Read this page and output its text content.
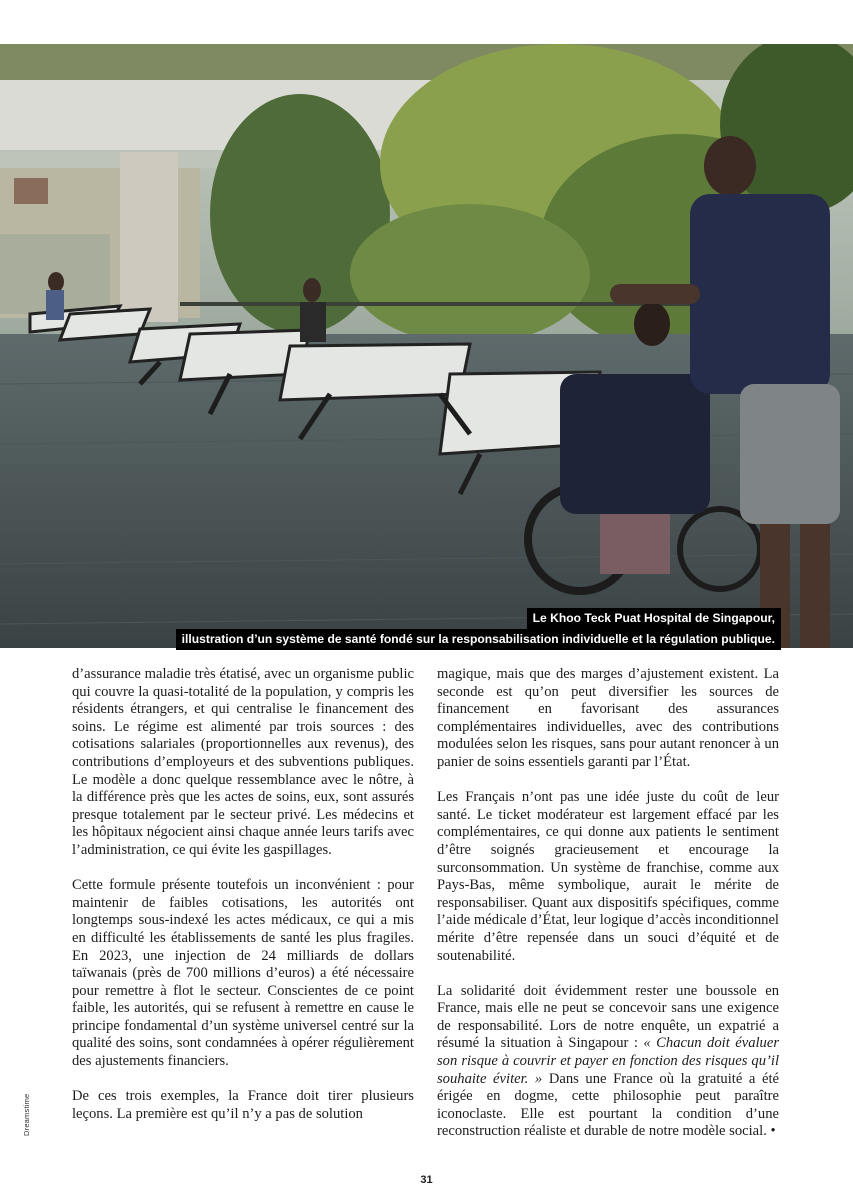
Le Khoo Teck Puat Hospital de Singapour,
illustration d’un système de santé fondé sur la responsabilisation individuelle et la régulation publique.
Dreamstime

d’assurance maladie très étatisé, avec un organisme public qui couvre la quasi-totalité de la population, y compris les résidents étrangers, et qui centralise le financement des soins. Le régime est alimenté par trois sources : des cotisations salariales (proportionnelles aux revenus), des contributions d’employeurs et des subventions publiques. Le modèle a donc quelque ressemblance avec le nôtre, à la différence près que les actes de soins, eux, sont assurés presque totalement par le secteur privé. Les médecins et les hôpitaux négocient ainsi chaque année leurs tarifs avec l’administration, ce qui évite les gaspillages.

Cette formule présente toutefois un inconvénient : pour maintenir de faibles cotisations, les autorités ont longtemps sous-indexé les actes médicaux, ce qui a mis en difficulté les établissements de santé les plus fragiles. En 2023, une injection de 24 milliards de dollars taïwanais (près de 700 millions d’euros) a été nécessaire pour remettre à flot le secteur. Conscientes de ce point faible, les autorités, qui se refusent à remettre en cause le principe fondamental d’un système universel centré sur la qualité des soins, sont condamnées à opérer régulièrement des ajustements financiers.

De ces trois exemples, la France doit tirer plusieurs leçons. La première est qu’il n’y a pas de solution

magique, mais que des marges d’ajustement existent. La seconde est qu’on peut diversifier les sources de financement en favorisant des assurances complémentaires individuelles, avec des contributions modulées selon les risques, sans pour autant renoncer à un panier de soins essentiels garanti par l’État.

Les Français n’ont pas une idée juste du coût de leur santé. Le ticket modérateur est largement effacé par les complémentaires, ce qui donne aux patients le sentiment d’être soignés gracieusement et encourage la surconsommation. Un système de franchise, comme aux Pays-Bas, même symbolique, aurait le mérite de responsabiliser. Quant aux dispositifs spécifiques, comme l’aide médicale d’État, leur logique d’accès inconditionnel mérite d’être repensée dans un souci d’équité et de soutenabilité.

La solidarité doit évidemment rester une boussole en France, mais elle ne peut se concevoir sans une exigence de responsabilité. Lors de notre enquête, un expatrié a résumé la situation à Singapour : « Chacun doit évaluer son risque à couvrir et payer en fonction des risques qu’il souhaite éviter. » Dans une France où la gratuité a été érigée en dogme, cette philosophie peut paraître iconoclaste. Elle est pourtant la condition d’une reconstruction réaliste et durable de notre modèle social. •

31
